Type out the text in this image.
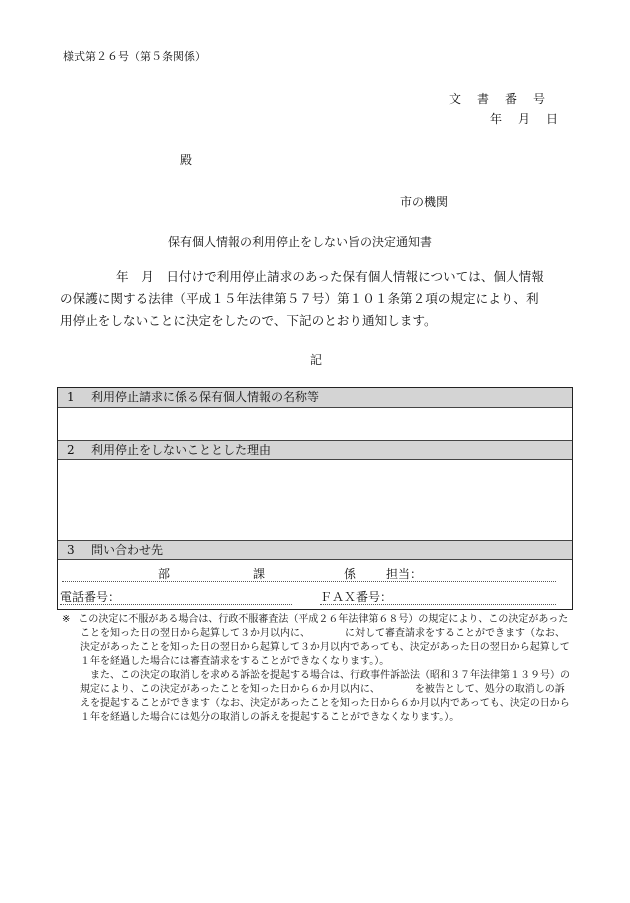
様式第２６号（第５条関係）
文　書　番　号
年　月　日
殿
市の機関
保有個人情報の利用停止をしない旨の決定通知書
年　月　日付けで利用停止請求のあった保有個人情報については、個人情報
の保護に関する法律（平成１５年法律第５７号）第１０１条第２項の規定により、利
用停止をしないことに決定をしたので、下記のとおり通知します。
記
1 利用停止請求に係る保有個人情報の名称等
2 利用停止をしないこととした理由
3 問い合わせ先
部	課	係 担当：
電話番号：	ＦＡＸ番号：

※ この決定に不服がある場合は、行政不服審査法（平成２６年法律第６８号）の規定により、この決定があったことを知った日の翌日から起算して３か月以内に、　　　　に対して審査請求をすることができます（なお、決定があったことを知った日の翌日から起算して３か月以内であっても、決定があった日の翌日から起算して１年を経過した場合には審査請求をすることができなくなります。）。

また、この決定の取消しを求める訴訟を提起する場合は、行政事件訴訟法（昭和３７年法律第１３９号）の規定により、この決定があったことを知った日から６か月以内に、　　　　を被告として、処分の取消しの訴えを提起することができます（なお、決定があったことを知った日から６か月以内であっても、決定の日から１年を経過した場合には処分の取消しの訴えを提起することができなくなります。）。
